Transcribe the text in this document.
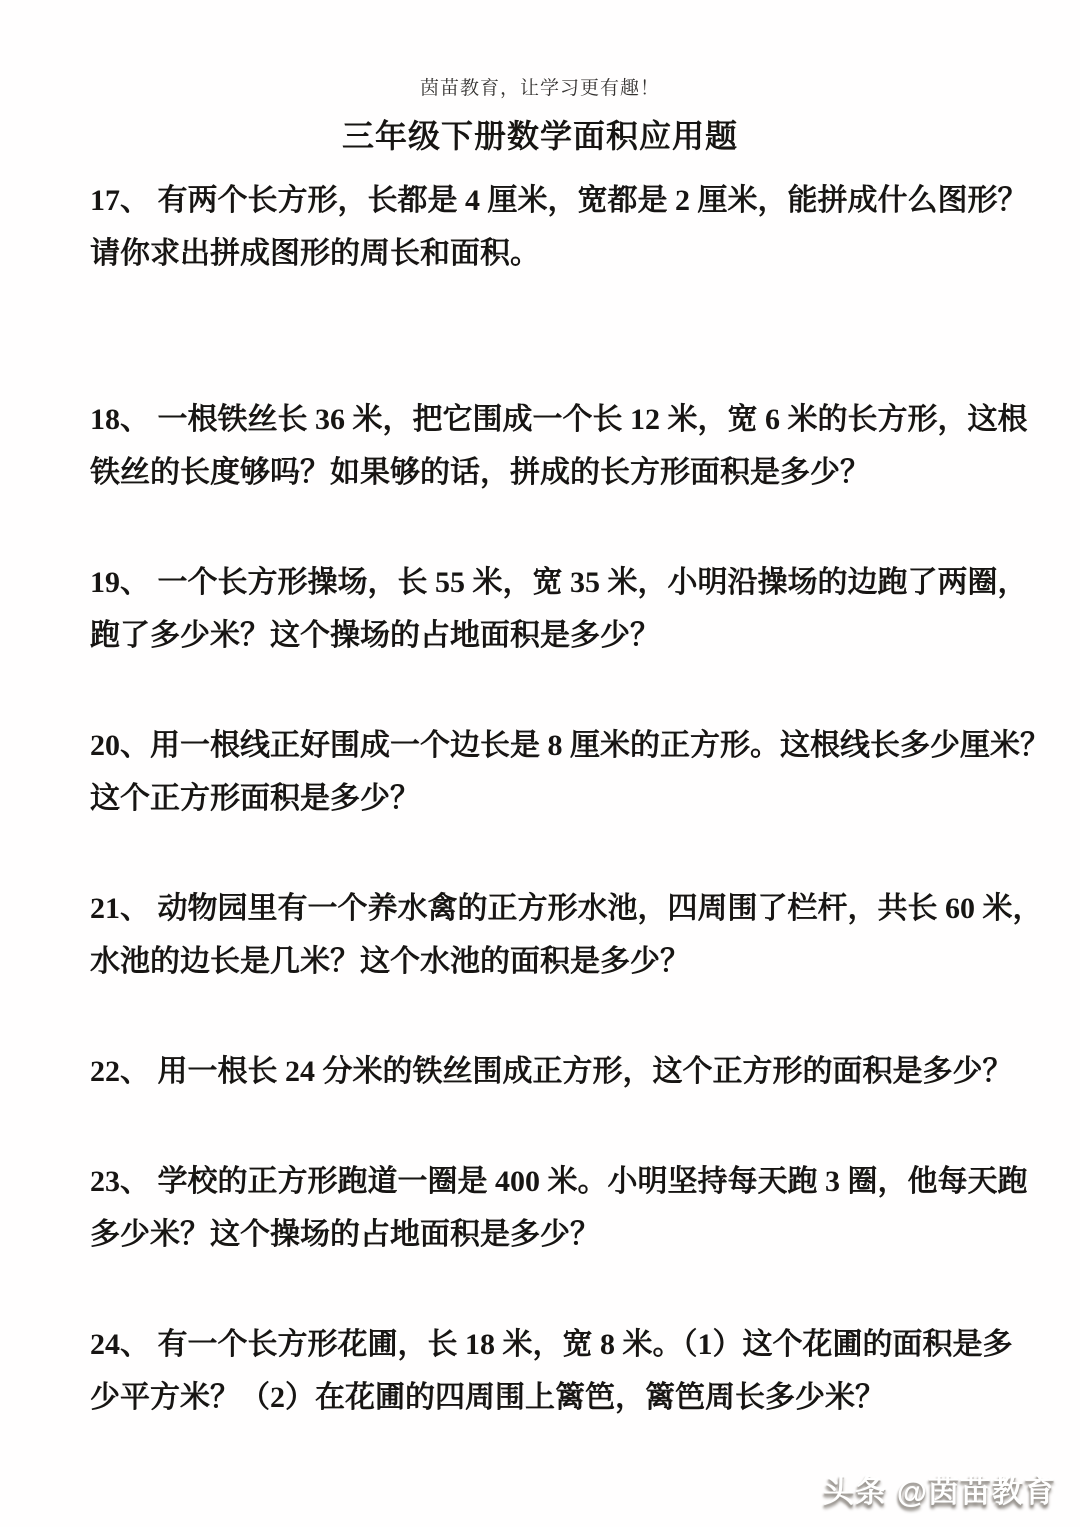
茵苗教育，让学习更有趣！
三年级下册数学面积应用题
17、 有两个长方形，长都是 4 厘米，宽都是 2 厘米，能拼成什么图形？
请你求出拼成图形的周长和面积。
18、 一根铁丝长 36 米，把它围成一个长 12 米，宽 6 米的长方形，这根
铁丝的长度够吗？如果够的话，拼成的长方形面积是多少？
19、 一个长方形操场，长 55 米，宽 35 米，小明沿操场的边跑了两圈，
跑了多少米？这个操场的占地面积是多少？
20、用一根线正好围成一个边长是 8 厘米的正方形。这根线长多少厘米？
这个正方形面积是多少？
21、 动物园里有一个养水禽的正方形水池，四周围了栏杆，共长 60 米，
水池的边长是几米？这个水池的面积是多少？
22、 用一根长 24 分米的铁丝围成正方形，这个正方形的面积是多少？
23、 学校的正方形跑道一圈是 400 米。小明坚持每天跑 3 圈，他每天跑
多少米？这个操场的占地面积是多少？
24、 有一个长方形花圃，长 18 米，宽 8 米。（1）这个花圃的面积是多
少平方米？（2）在花圃的四周围上篱笆，篱笆周长多少米？
头条 @茵苗教育
